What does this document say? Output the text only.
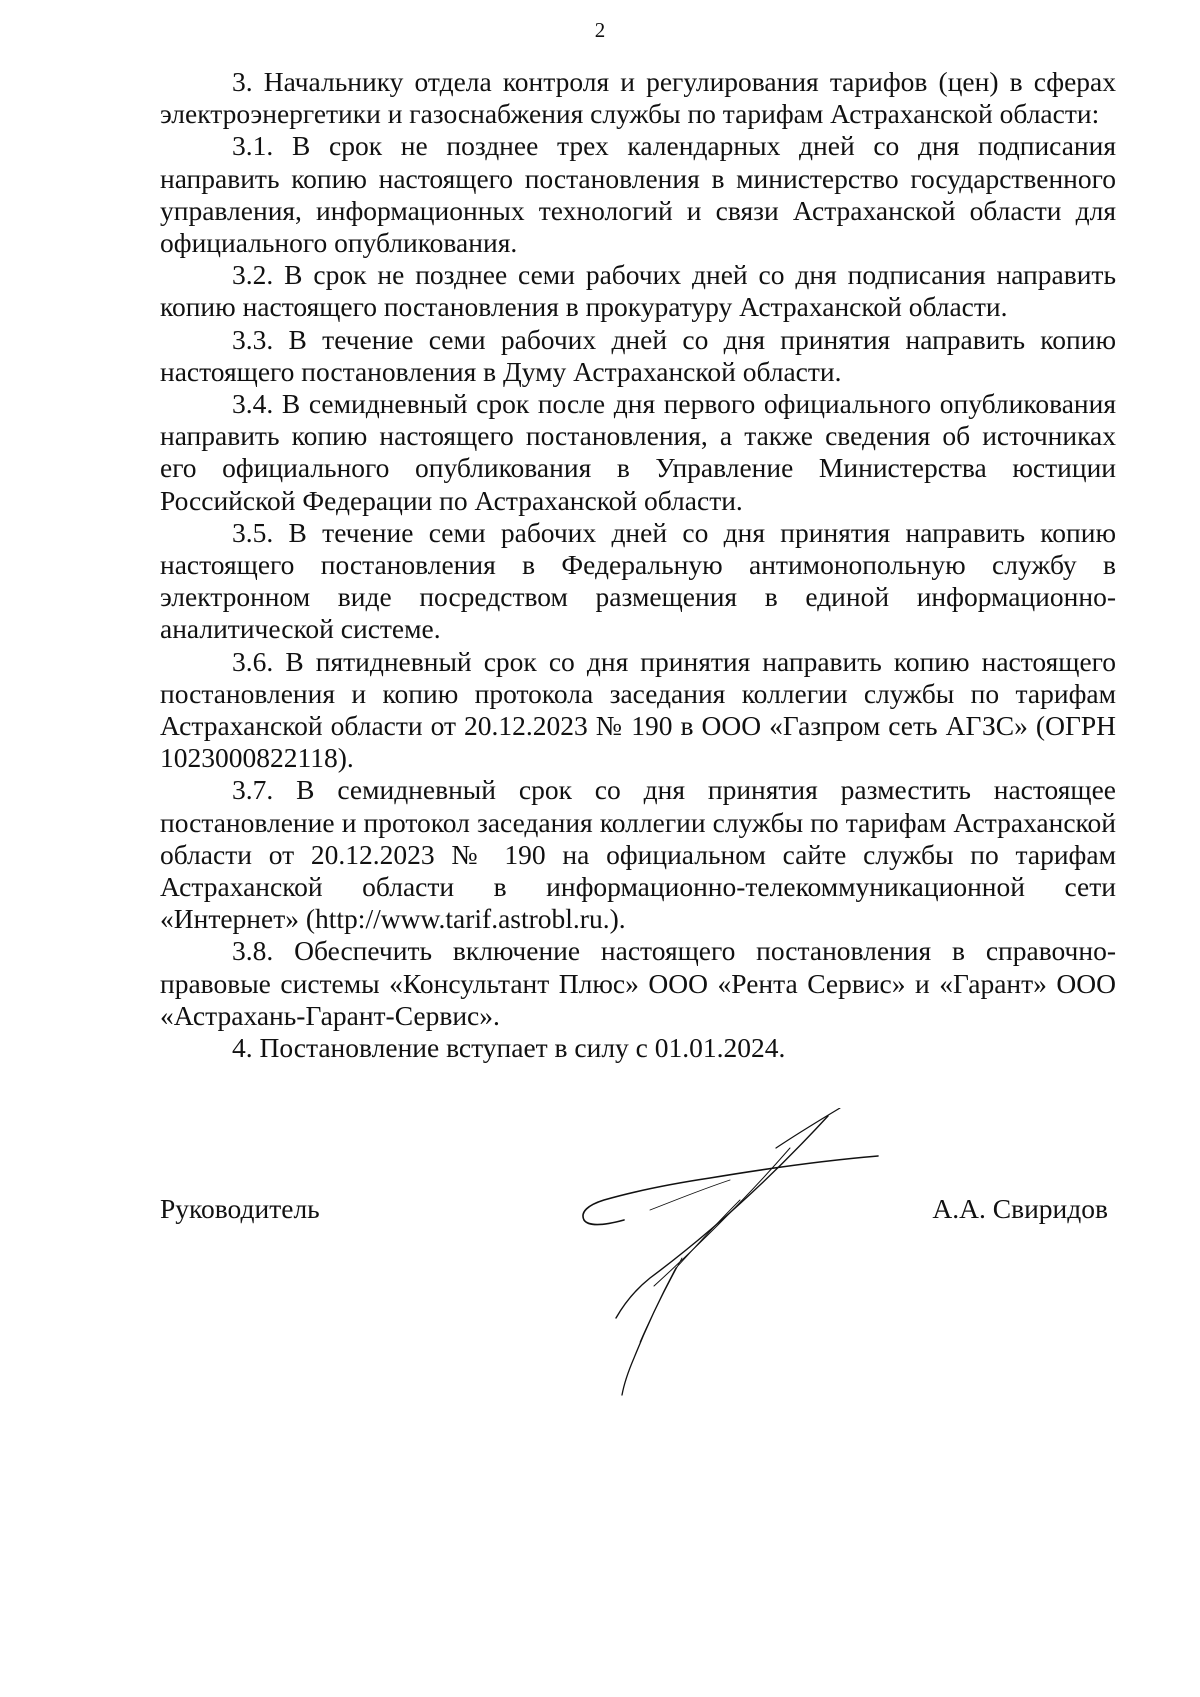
2

3. Начальнику отдела контроля и регулирования тарифов (цен) в сферах электроэнергетики и газоснабжения службы по тарифам Астраханской области:

3.1. В срок не позднее трех календарных дней со дня подписания направить копию настоящего постановления в министерство государственного управления, информационных технологий и связи Астраханской области для официального опубликования.

3.2. В срок не позднее семи рабочих дней со дня подписания направить копию настоящего постановления в прокуратуру Астраханской области.

3.3. В течение семи рабочих дней со дня принятия направить копию настоящего постановления в Думу Астраханской области.

3.4. В семидневный срок после дня первого официального опубликования направить копию настоящего постановления, а также сведения об источниках его официального опубликования в Управление Министерства юстиции Российской Федерации по Астраханской области.

3.5. В течение семи рабочих дней со дня принятия направить копию настоящего постановления в Федеральную антимонопольную службу в электронном виде посредством размещения в единой информационно-аналитической системе.

3.6. В пятидневный срок со дня принятия направить копию настоящего постановления и копию протокола заседания коллегии службы по тарифам Астраханской области от 20.12.2023 № 190 в ООО «Газпром сеть АГЗС» (ОГРН 1023000822118).

3.7. В семидневный срок со дня принятия разместить настоящее постановление и протокол заседания коллегии службы по тарифам Астраханской области от 20.12.2023 № 190 на официальном сайте службы по тарифам Астраханской области в информационно-телекоммуникационной сети «Интернет» (http://www.tarif.astrobl.ru.).

3.8. Обеспечить включение настоящего постановления в справочно-правовые системы «Консультант Плюс» ООО «Рента Сервис» и «Гарант» ООО «Астрахань-Гарант-Сервис».

4. Постановление вступает в силу с 01.01.2024.

Руководитель	А.А. Свиридов
